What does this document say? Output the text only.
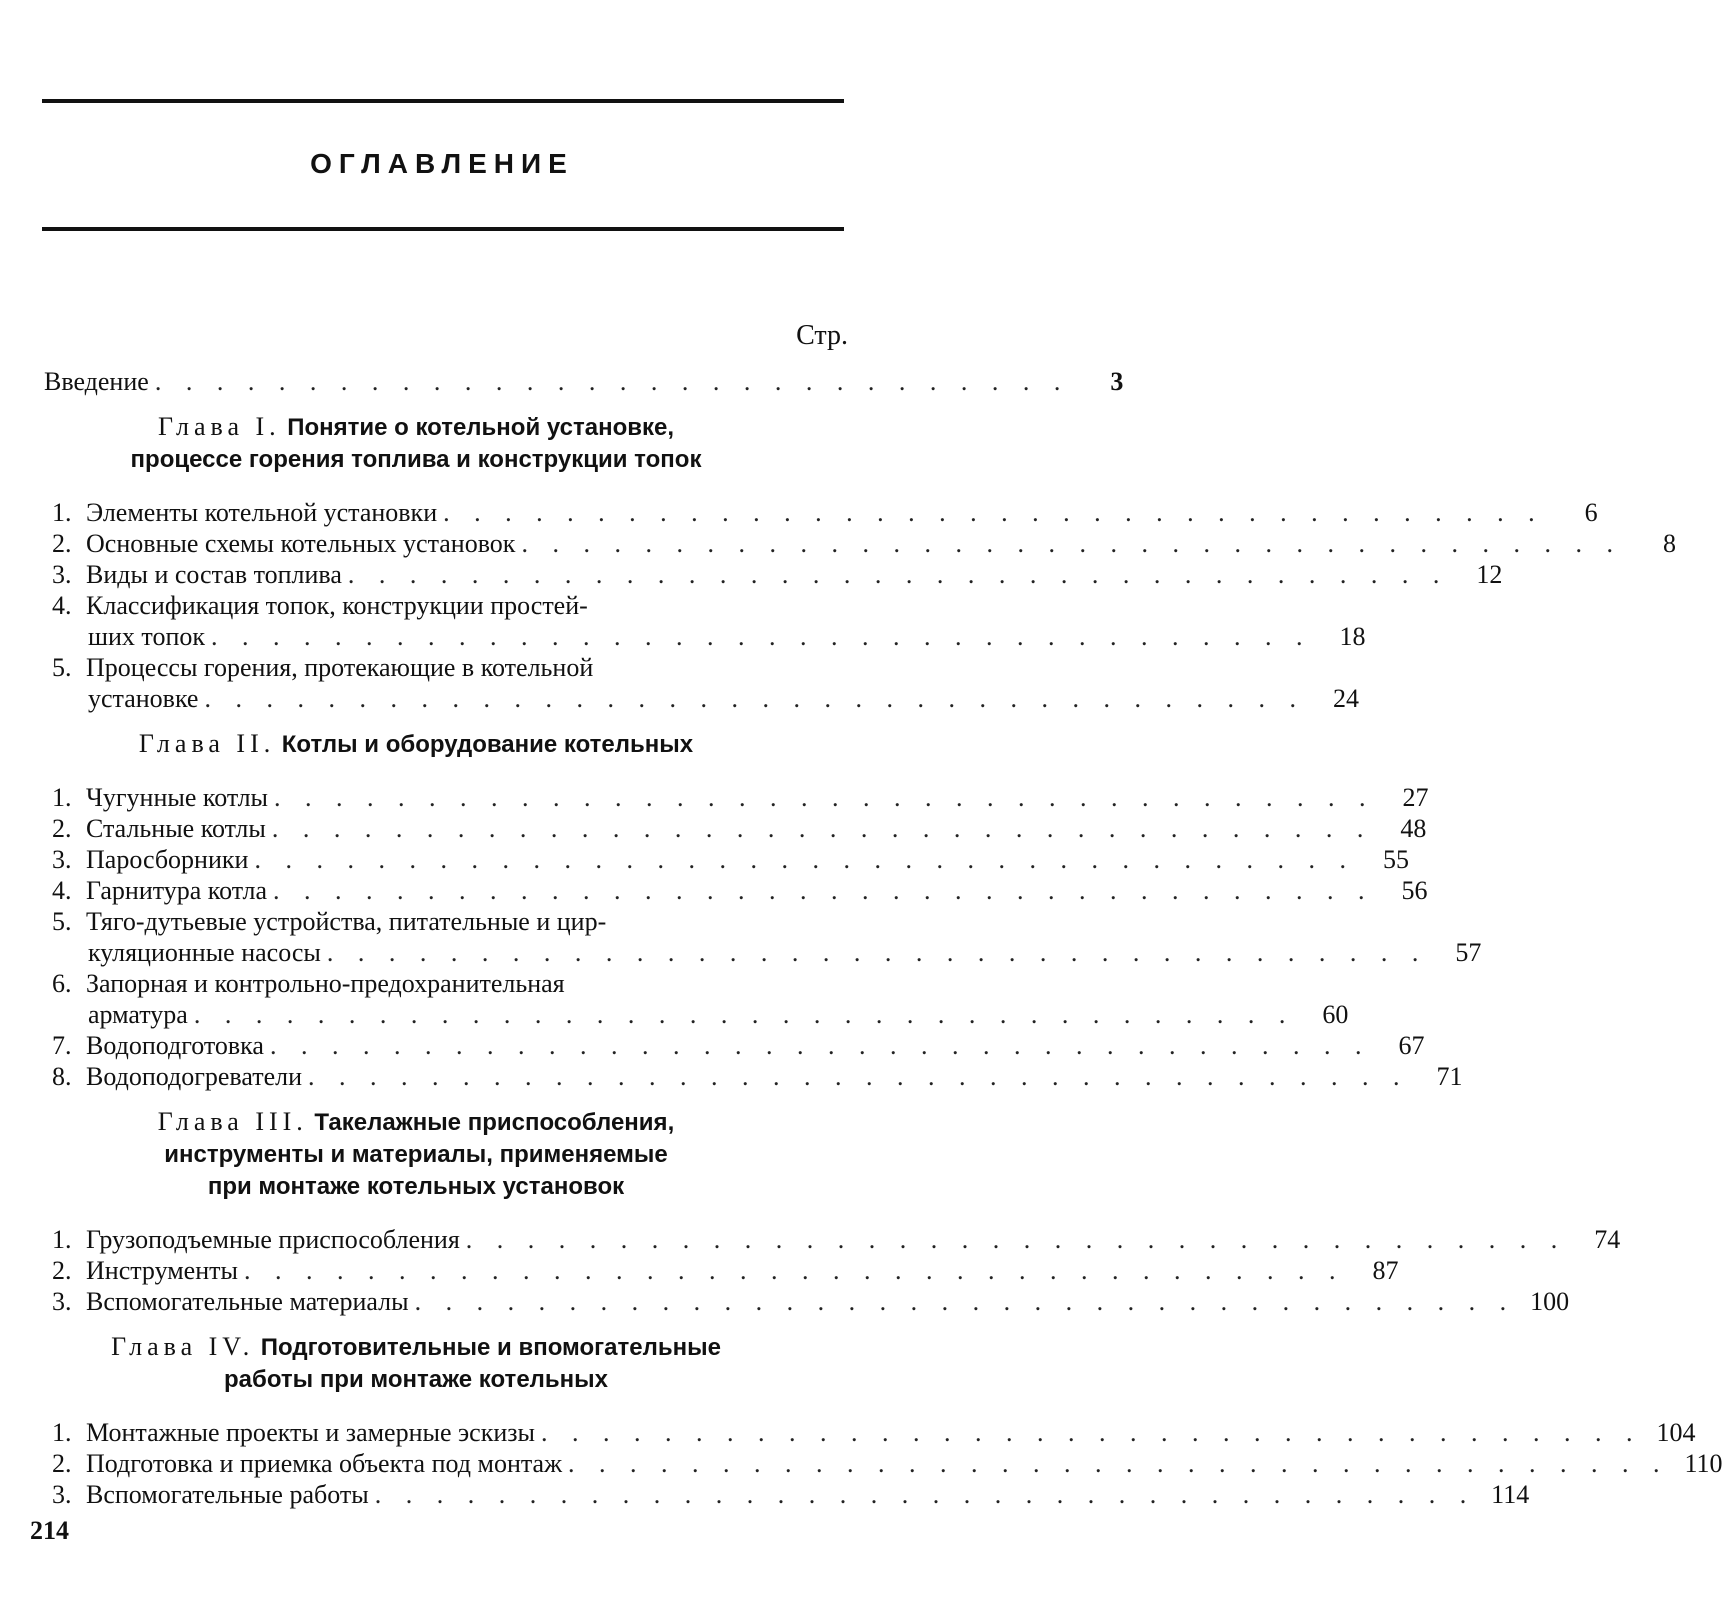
ОГЛАВЛЕНИЕ
Стр.
Введение . . . . . . . . . . . . . . . . . . . . . . . . . . . . . .	3
Глава I. Понятие о котельной установке,
процессе горения топлива и конструкции топок
1. Элементы котельной установки . . . . . . . . . . . . . . . . . . . . . . . . . . . . . . . . . . . .	6
2. Основные схемы котельных установок . . . . . . . . . . . . . . . . . . . . . . . . . . . . . . . . . . . .	8
3. Виды и состав топлива . . . . . . . . . . . . . . . . . . . . . . . . . . . . . . . . . . . .	12
4. Классификация топок, конструкции простей-
ших топок . . . . . . . . . . . . . . . . . . . . . . . . . . . . . . . . . . . .	18
5. Процессы горения, протекающие в котельной
установке . . . . . . . . . . . . . . . . . . . . . . . . . . . . . . . . . . . .	24
Глава II. Котлы и оборудование котельных
1. Чугунные котлы . . . . . . . . . . . . . . . . . . . . . . . . . . . . . . . . . . . .	27
2. Стальные котлы . . . . . . . . . . . . . . . . . . . . . . . . . . . . . . . . . . . .	48
3. Паросборники . . . . . . . . . . . . . . . . . . . . . . . . . . . . . . . . . . . .	55
4. Гарнитура котла . . . . . . . . . . . . . . . . . . . . . . . . . . . . . . . . . . . .	56
5. Тяго-дутьевые устройства, питательные и цир-
куляционные насосы . . . . . . . . . . . . . . . . . . . . . . . . . . . . . . . . . . . .	57
6. Запорная и контрольно-предохранительная
арматура . . . . . . . . . . . . . . . . . . . . . . . . . . . . . . . . . . . .	60
7. Водоподготовка . . . . . . . . . . . . . . . . . . . . . . . . . . . . . . . . . . . .	67
8. Водоподогреватели . . . . . . . . . . . . . . . . . . . . . . . . . . . . . . . . . . . .	71
Глава III. Такелажные приспособления,
инструменты и материалы, применяемые
при монтаже котельных установок
1. Грузоподъемные приспособления . . . . . . . . . . . . . . . . . . . . . . . . . . . . . . . . . . . .	74
2. Инструменты . . . . . . . . . . . . . . . . . . . . . . . . . . . . . . . . . . . .	87
3. Вспомогательные материалы . . . . . . . . . . . . . . . . . . . . . . . . . . . . . . . . . . . . 100
Глава IV. Подготовительные и впомогательные
работы при монтаже котельных
1. Монтажные проекты и замерные эскизы . . . . . . . . . . . . . . . . . . . . . . . . . . . . . . . . . . . . 104
2. Подготовка и приемка объекта под монтаж . . . . . . . . . . . . . . . . . . . . . . . . . . . . . . . . . . . . 110
3. Вспомогательные работы . . . . . . . . . . . . . . . . . . . . . . . . . . . . . . . . . . . . 114
214
